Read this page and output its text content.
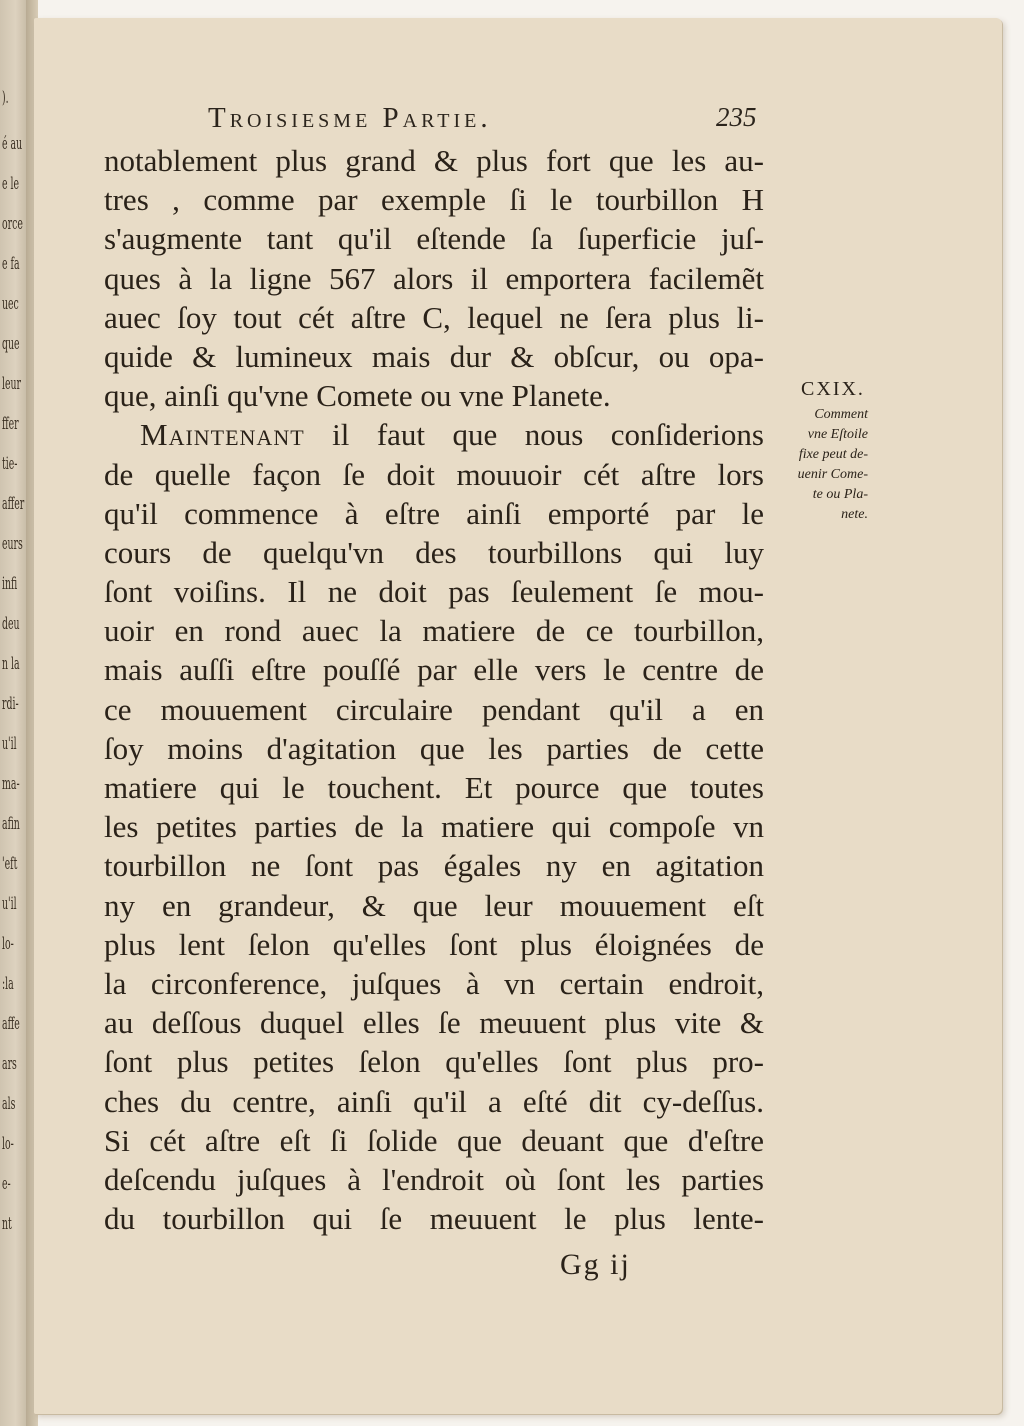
).
é au
e le
orce
e fa
uec
que
leur
ffer
tie-
affer
eurs
infi
deu
n la
rdi-
u'il
ma-
afin
'eft
u'il
lo-
:la
affe
ars
als
lo-
e-
nt
Troisiesme Partie.	235
notablement plus grand & plus fort que les au-
tres , comme par exemple ſi le tourbillon H
s'augmente tant qu'il eſtende ſa ſuperficie juſ-
ques à la ligne 567 alors il emportera facilemẽt
auec ſoy tout cét aſtre C, lequel ne ſera plus li-
quide & lumineux mais dur & obſcur, ou opa-
que, ainſi qu'vne Comete ou vne Planete.
Maintenant il faut que nous conſiderions
de quelle façon ſe doit mouuoir cét aſtre lors
qu'il commence à eſtre ainſi emporté par le
cours de quelqu'vn des tourbillons qui luy
ſont voiſins. Il ne doit pas ſeulement ſe mou-
uoir en rond auec la matiere de ce tourbillon,
mais auſſi eſtre pouſſé par elle vers le centre de
ce mouuement circulaire pendant qu'il a en
ſoy moins d'agitation que les parties de cette
matiere qui le touchent. Et pource que toutes
les petites parties de la matiere qui compoſe vn
tourbillon ne ſont pas égales ny en agitation
ny en grandeur, & que leur mouuement eſt
plus lent ſelon qu'elles ſont plus éloignées de
la circonference, juſques à vn certain endroit,
au deſſous duquel elles ſe meuuent plus vite &
ſont plus petites ſelon qu'elles ſont plus pro-
ches du centre, ainſi qu'il a eſté dit cy-deſſus.
Si cét aſtre eſt ſi ſolide que deuant que d'eſtre
deſcendu juſques à l'endroit où ſont les parties
du tourbillon qui ſe meuuent le plus lente-
CXIX.
Comment
vne Eſtoile
fixe peut de-
uenir Come-
te ou Pla-
nete.
Gg ij
